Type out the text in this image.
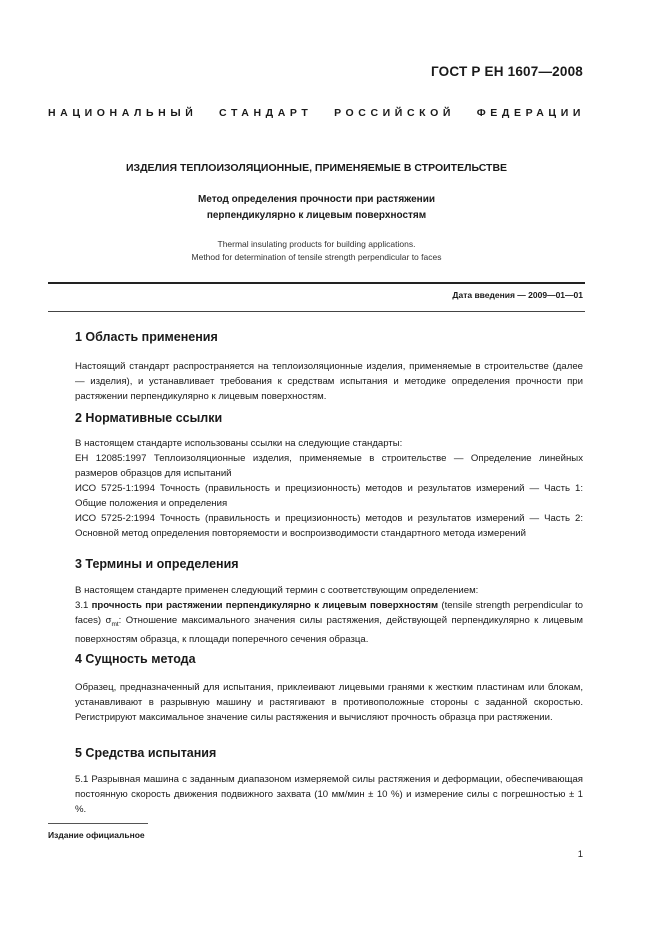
ГОСТ Р ЕН 1607—2008
НАЦИОНАЛЬНЫЙ СТАНДАРТ РОССИЙСКОЙ ФЕДЕРАЦИИ
ИЗДЕЛИЯ ТЕПЛОИЗОЛЯЦИОННЫЕ, ПРИМЕНЯЕМЫЕ В СТРОИТЕЛЬСТВЕ
Метод определения прочности при растяжении
перпендикулярно к лицевым поверхностям
Thermal insulating products for building applications.
Method for determination of tensile strength perpendicular to faces
Дата введения — 2009—01—01

1 Область применения

Настоящий стандарт распространяется на теплоизоляционные изделия, применяемые в строительстве (далее — изделия), и устанавливает требования к средствам испытания и методике определения прочности при растяжении перпендикулярно к лицевым поверхностям.

2 Нормативные ссылки

В настоящем стандарте использованы ссылки на следующие стандарты:

ЕН 12085:1997 Теплоизоляционные изделия, применяемые в строительстве — Определение линейных размеров образцов для испытаний

ИСО 5725-1:1994 Точность (правильность и прецизионность) методов и результатов измерений — Часть 1: Общие положения и определения

ИСО 5725-2:1994 Точность (правильность и прецизионность) методов и результатов измерений — Часть 2: Основной метод определения повторяемости и воспроизводимости стандартного метода измерений

3 Термины и определения

В настоящем стандарте применен следующий термин с соответствующим определением:

3.1 прочность при растяжении перпендикулярно к лицевым поверхностям (tensile strength perpendicular to faces) $\sigma_{mt}$: Отношение максимального значения силы растяжения, действующей перпендикулярно к лицевым поверхностям образца, к площади поперечного сечения образца.

4 Сущность метода

Образец, предназначенный для испытания, приклеивают лицевыми гранями к жестким пластинам или блокам, устанавливают в разрывную машину и растягивают в противоположные стороны с заданной скоростью. Регистрируют максимальное значение силы растяжения и вычисляют прочность образца при растяжении.

5 Средства испытания

5.1 Разрывная машина с заданным диапазоном измеряемой силы растяжения и деформации, обеспечивающая постоянную скорость движения подвижного захвата (10 мм/мин ± 10 %) и измерение силы с погрешностью ± 1 %.

Издание официальное
1
